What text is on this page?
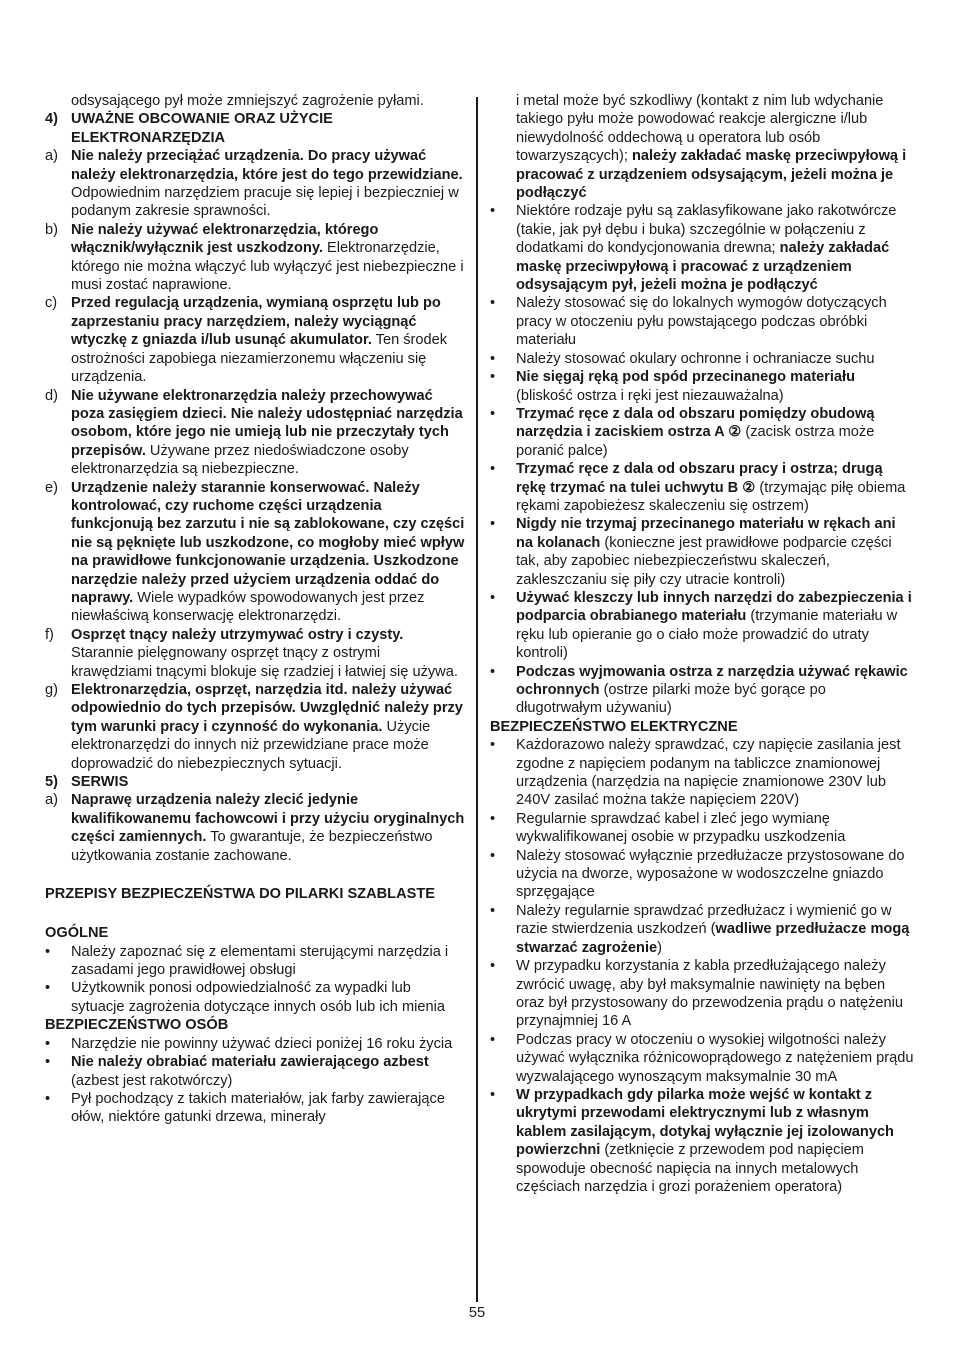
odsysającego pył może zmniejszyć zagrożenie pyłami.

4) UWAŻNE OBCOWANIE ORAZ UŻYCIE ELEKTRONARZĘDZIA
a) Nie należy przeciążać urządzenia. Do pracy używać należy elektronarzędzia, które jest do tego przewidziane. Odpowiednim narzędziem pracuje się lepiej i bezpieczniej w podanym zakresie sprawności.
b) Nie należy używać elektronarzędzia, którego włącznik/wyłącznik jest uszkodzony. Elektronarzędzie, którego nie można włączyć lub wyłączyć jest niebezpieczne i musi zostać naprawione.
c) Przed regulacją urządzenia, wymianą osprzętu lub po zaprzestaniu pracy narzędziem, należy wyciągnąć wtyczkę z gniazda i/lub usunąć akumulator. Ten środek ostrożności zapobiega niezamierzonemu włączeniu się urządzenia.
d) Nie używane elektronarzędzia należy przechowywać poza zasięgiem dzieci. Nie należy udostępniać narzędzia osobom, które jego nie umieją lub nie przeczytały tych przepisów. Używane przez niedoświadczone osoby elektronarzędzia są niebezpieczne.
e) Urządzenie należy starannie konserwować. Należy kontrolować, czy ruchome części urządzenia funkcjonują bez zarzutu i nie są zablokowane, czy części nie są pęknięte lub uszkodzone, co mogłoby mieć wpływ na prawidłowe funkcjonowanie urządzenia. Uszkodzone narzędzie należy przed użyciem urządzenia oddać do naprawy. Wiele wypadków spowodowanych jest przez niewłaściwą konserwację elektronarzędzi.
f)	Osprzęt tnący należy utrzymywać ostry i czysty. Starannie pielęgnowany osprzęt tnący z ostrymi krawędziami tnącymi blokuje się rzadziej i łatwiej się używa.
g) Elektronarzędzia, osprzęt, narzędzia itd. należy używać odpowiednio do tych przepisów. Uwzględnić należy przy tym warunki pracy i czynność do wykonania. Użycie elektronarzędzi do innych niż przewidziane prace może doprowadzić do niebezpiecznych sytuacji.
5) SERWIS
a) Naprawę urządzenia należy zlecić jedynie kwalifikowanemu fachowcowi i przy użyciu oryginalnych części zamiennych. To gwarantuje, że bezpieczeństwo użytkowania zostanie zachowane.

PRZEPISY BEZPIECZEŃSTWA DO PILARKI SZABLASTE

OGÓLNE

•	Należy zapoznać się z elementami sterującymi narzędzia i zasadami jego prawidłowej obsługi
•	Użytkownik ponosi odpowiedzialność za wypadki lub sytuacje zagrożenia dotyczące innych osób lub ich mienia

BEZPIECZEŃSTWO OSÓB

•	Narzędzie nie powinny używać dzieci poniżej 16 roku życia
•	Nie należy obrabiać materiału zawierającego azbest (azbest jest rakotwórczy)
•	Pył pochodzący z takich materiałów, jak farby zawierające ołów, niektóre gatunki drzewa, minerały
i metal może być szkodliwy (kontakt z nim lub wdychanie takiego pyłu może powodować reakcje alergiczne i/lub niewydolność oddechową u operatora lub osób towarzyszących); należy zakładać maskę przeciwpyłową i pracować z urządzeniem odsysającym, jeżeli można je podłączyć
•	Niektóre rodzaje pyłu są zaklasyfikowane jako rakotwórcze (takie, jak pył dębu i buka) szczególnie w połączeniu z dodatkami do kondycjonowania drewna; należy zakładać maskę przeciwpyłową i pracować z urządzeniem odsysającym pył, jeżeli można je podłączyć
•	Należy stosować się do lokalnych wymogów dotyczących pracy w otoczeniu pyłu powstającego podczas obróbki materiału
•	Należy stosować okulary ochronne i ochraniacze suchu
•	Nie sięgaj ręką pod spód przecinanego materiału (bliskość ostrza i ręki jest niezauważalna)
•	Trzymać ręce z dala od obszaru pomiędzy obudową narzędzia i zaciskiem ostrza A ② (zacisk ostrza może poranić palce)
•	Trzymać ręce z dala od obszaru pracy i ostrza; drugą rękę trzymać na tulei uchwytu B ② (trzymając piłę obiema rękami zapobieżesz skaleczeniu się ostrzem)
•	Nigdy nie trzymaj przecinanego materiału w rękach ani na kolanach (konieczne jest prawidłowe podparcie części tak, aby zapobiec niebezpieczeństwu skaleczeń, zakleszczaniu się piły czy utracie kontroli)
•	Używać kleszczy lub innych narzędzi do zabezpieczenia i podparcia obrabianego materiału (trzymanie materiału w ręku lub opieranie go o ciało może prowadzić do utraty kontroli)
•	Podczas wyjmowania ostrza z narzędzia używać rękawic ochronnych (ostrze pilarki może być gorące po długotrwałym używaniu)

BEZPIECZEŃSTWO ELEKTRYCZNE

•	Każdorazowo należy sprawdzać, czy napięcie zasilania jest zgodne z napięciem podanym na tabliczce znamionowej urządzenia (narzędzia na napięcie znamionowe 230V lub 240V zasilać można także napięciem 220V)
•	Regularnie sprawdzać kabel i zleć jego wymianę wykwalifikowanej osobie w przypadku uszkodzenia
•	Należy stosować wyłącznie przedłużacze przystosowane do użycia na dworze, wyposażone w wodoszczelne gniazdo sprzęgające
•	Należy regularnie sprawdzać przedłużacz i wymienić go w razie stwierdzenia uszkodzeń (wadliwe przedłużacze mogą stwarzać zagrożenie)
•	W przypadku korzystania z kabla przedłużającego należy zwrócić uwagę, aby był maksymalnie nawinięty na bęben oraz był przystosowany do przewodzenia prądu o natężeniu przynajmniej 16 A
•	Podczas pracy w otoczeniu o wysokiej wilgotności należy używać wyłącznika różnicowoprądowego z natężeniem prądu wyzwalającego wynoszącym maksymalnie 30 mA
•	W przypadkach gdy pilarka może wejść w kontakt z ukrytymi przewodami elektrycznymi lub z własnym kablem zasilającym, dotykaj wyłącznie jej izolowanych powierzchni (zetknięcie z przewodem pod napięciem spowoduje obecność napięcia na innych metalowych częściach narzędzia i grozi porażeniem operatora)
55
